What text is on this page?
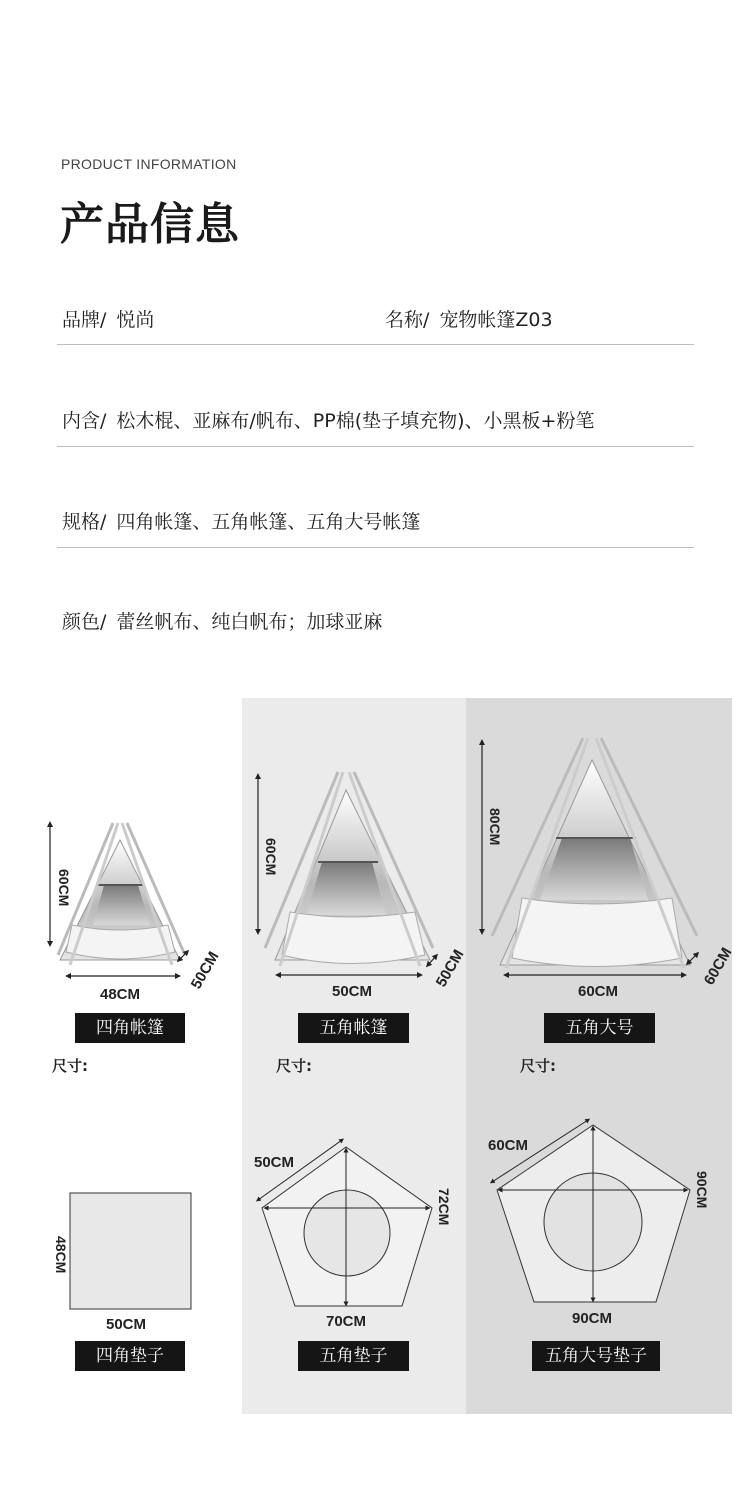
PRODUCT INFORMATION
产品信息
品牌/ 悦尚	名称/ 宠物帐篷Z03
内含/ 松木棍、亚麻布/帆布、PP棉(垫子填充物)、小黑板+粉笔
规格/ 四角帐篷、五角帐篷、五角大号帐篷
颜色/ 蕾丝帆布、纯白帆布；加球亚麻
60CM
48CM
50CM
60CM
50CM
50CM
80CM
60CM
60CM
48CM
50CM
50CM
72CM
70CM
60CM
90CM
90CM
四角帐篷	五角帐篷	五角大号
尺寸:	尺寸:	尺寸:
四角垫子	五角垫子	五角大号垫子
